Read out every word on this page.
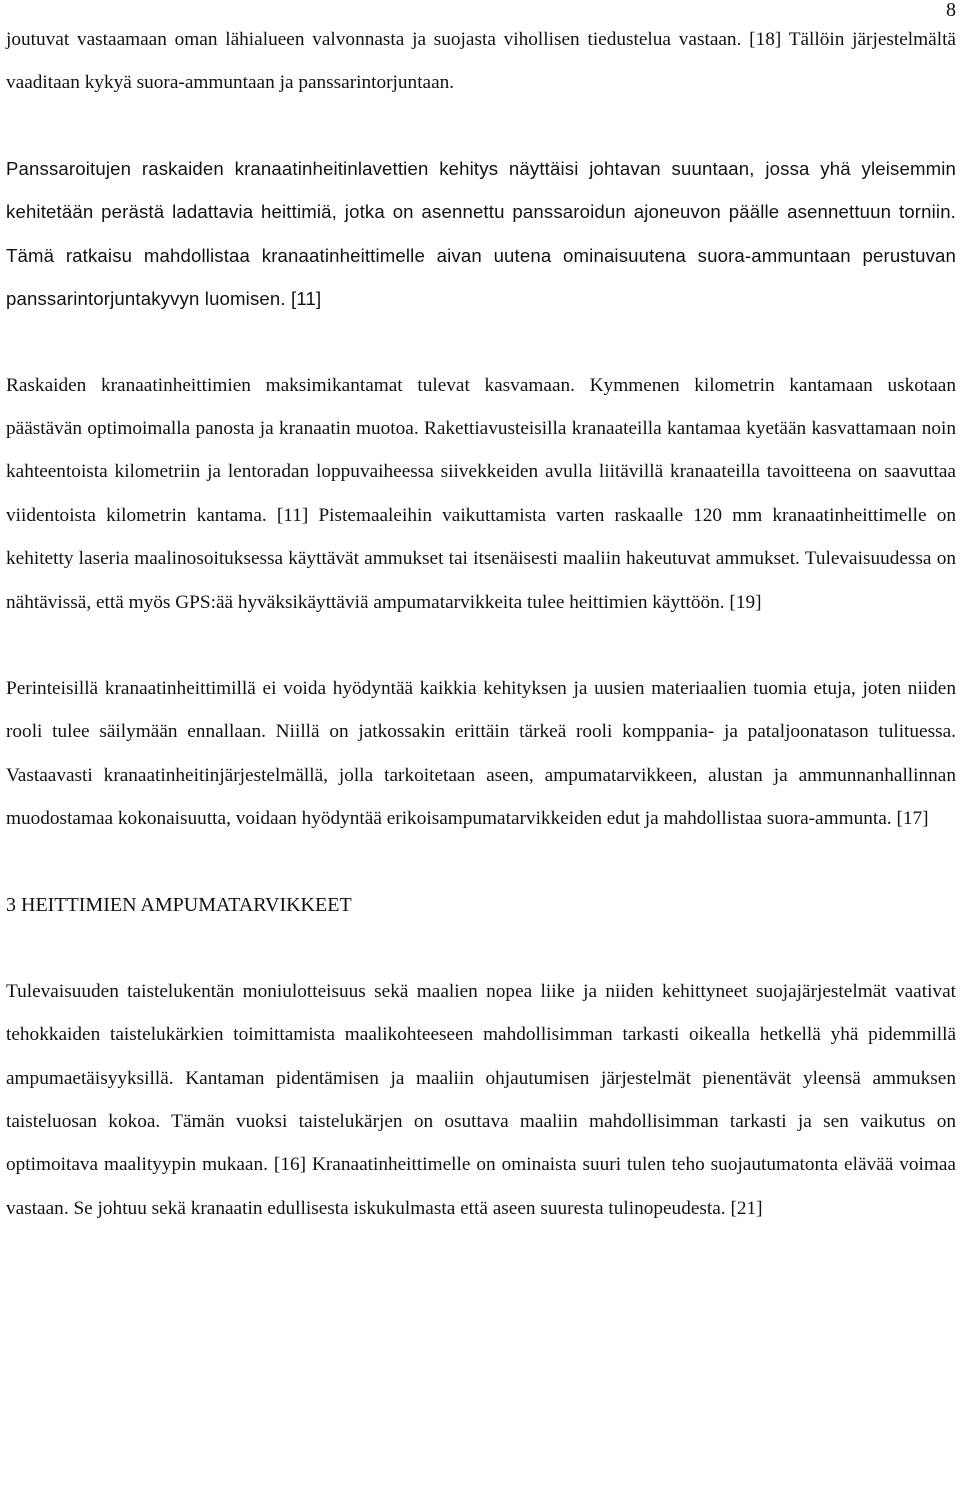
8

joutuvat vastaamaan oman lähialueen valvonnasta ja suojasta vihollisen tiedustelua vastaan. [18] Tällöin järjestelmältä vaaditaan kykyä suora-ammuntaan ja panssarintorjuntaan.

Panssaroitujen raskaiden kranaatinheitinlavettien kehitys näyttäisi johtavan suuntaan, jossa yhä yleisemmin kehitetään perästä ladattavia heittimiä, jotka on asennettu panssaroidun ajoneuvon päälle asennettuun torniin. Tämä ratkaisu mahdollistaa kranaatinheittimelle aivan uutena ominaisuutena suora-ammuntaan perustuvan panssarintorjuntakyvyn luomisen. [11]

Raskaiden kranaatinheittimien maksimikantamat tulevat kasvamaan. Kymmenen kilometrin kantamaan uskotaan päästävän optimoimalla panosta ja kranaatin muotoa. Rakettiavusteisilla kranaateilla kantamaa kyetään kasvattamaan noin kahteentoista kilometriin ja lentoradan loppuvaiheessa siivekkeiden avulla liitävillä kranaateilla tavoitteena on saavuttaa viidentoista kilometrin kantama. [11] Pistemaaleihin vaikuttamista varten raskaalle 120 mm kranaatinheittimelle on kehitetty laseria maalinosoituksessa käyttävät ammukset tai itsenäisesti maaliin hakeutuvat ammukset. Tulevaisuudessa on nähtävissä, että myös GPS:ää hyväksikäyttäviä ampumatarvikkeita tulee heittimien käyttöön. [19]

Perinteisillä kranaatinheittimillä ei voida hyödyntää kaikkia kehityksen ja uusien materiaalien tuomia etuja, joten niiden rooli tulee säilymään ennallaan. Niillä on jatkossakin erittäin tärkeä rooli komppania- ja pataljoonatason tulituessa. Vastaavasti kranaatinheitinjärjestelmällä, jolla tarkoitetaan aseen, ampumatarvikkeen, alustan ja ammunnanhallinnan muodostamaa kokonaisuutta, voidaan hyödyntää erikoisampumatarvikkeiden edut ja mahdollistaa suora-ammunta. [17]

3 HEITTIMIEN AMPUMATARVIKKEET

Tulevaisuuden taistelukentän moniulotteisuus sekä maalien nopea liike ja niiden kehittyneet suojajärjestelmät vaativat tehokkaiden taistelukärkien toimittamista maalikohteeseen mahdollisimman tarkasti oikealla hetkellä yhä pidemmillä ampumaetäisyyksillä. Kantaman pidentämisen ja maaliin ohjautumisen järjestelmät pienentävät yleensä ammuksen taisteluosan kokoa. Tämän vuoksi taistelukärjen on osuttava maaliin mahdollisimman tarkasti ja sen vaikutus on optimoitava maalityypin mukaan. [16] Kranaatinheittimelle on ominaista suuri tulen teho suojautumatonta elävää voimaa vastaan. Se johtuu sekä kranaatin edullisesta iskukulmasta että aseen suuresta tulinopeudesta. [21]
